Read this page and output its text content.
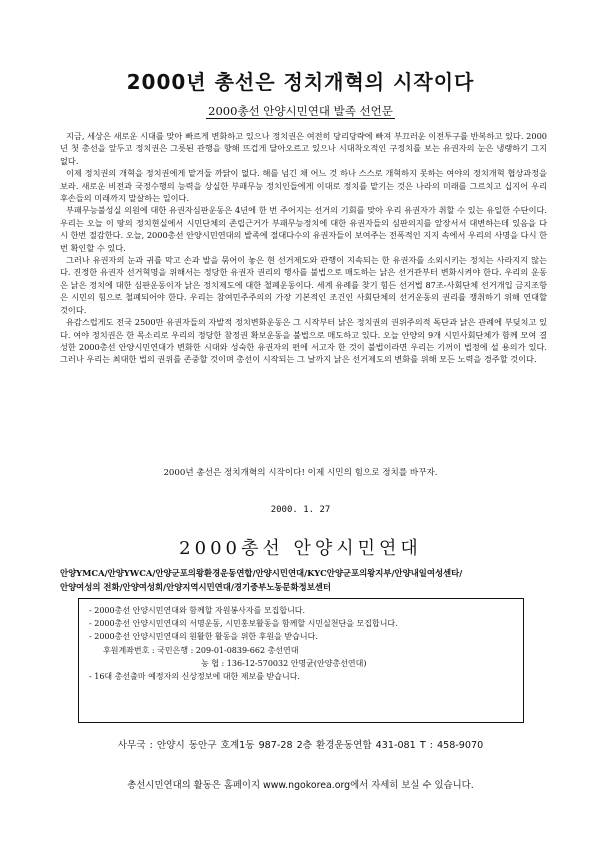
2000년 총선은 정치개혁의 시작이다
2000총선 안양시민연대 발족 선언문

지금, 세상은 새로운 시대를 맞아 빠르게 변화하고 있으나 정치권은 여전히 당리당략에 빠져 부끄러운 이전투구를 반복하고 있다. 2000년 첫 총선을 앞두고 정치권은 그릇된 관행을 향해 뜨겁게 달아오르고 있으나 시대착오적인 구정치를 보는 유권자의 눈은 냉랭하기 그지없다.

이제 정치권의 개혁을 정치권에게 맡겨둘 까닭이 없다. 해를 넘긴 채 어느 것 하나 스스로 개혁하지 못하는 여야의 정치개혁 협상과정을 보라. 새로운 비전과 국정수행의 능력을 상실한 부패무능 정치인들에게 이대로 정치를 맡기는 것은 나라의 미래를 그르치고 십지어 우리 후손들의 미래까지 말살하는 일이다.

부패무능불성실 의원에 대한 유권자심판운동은 4년에 한 번 주어지는 선거의 기회를 맞아 우리 유권자가 취할 수 있는 유일한 수단이다. 우리는 오늘 이 땅의 정치현실에서 시민단체의 존립근거가 부패무능정치에 대한 유권자들의 심판의지를 앞장서서 대변하는데 있음을 다시 한번 절감한다. 오늘, 2000총선 안양시민연대의 발족에 절대다수의 유권자들이 보여주는 전폭적인 지지 속에서 우리의 사명을 다시 한 번 확인할 수 있다.

그러나 유권자의 눈과 귀를 막고 손과 발을 묶어이 놓은 현 선거제도와 관행이 지속되는 한 유권자를 소외시키는 정치는 사라지지 않는다. 진정한 유권자 선거혁명을 위해서는 정당한 유권자 권리의 행사를 불법으로 매도하는 낡은 선거관부터 변화시켜야 한다. 우리의 운동은 낡은 정치에 대한 심판운동이자 낡은 정치제도에 대한 철폐운동이다. 세계 유례를 찾기 힘든 선거법 87조-사회단체 선거개입 금지조항은 시민의 힘으로 철폐되어야 한다. 우리는 참여민주주의의 가장 기본적인 조건인 사회단체의 선거운동의 권리를 쟁취하기 위해 연대할 것이다.

유감스럽게도 전국 2500만 유권자들의 자발적 정치변화운동은 그 시작부터 낡은 정치권의 권위주의적 독단과 낡은 관례에 부딪치고 있다. 여야 정치권은 한 목소리로 우리의 정당한 참정권 확보운동을 불법으로 매도하고 있다. 오늘 안양의 9개 시민사회단체가 함께 모여 결성한 2000총선 안양시민연대가 변화한 시대와 성숙한 유권자의 편에 서고자 한 것이 불법이라면 우리는 기꺼이 법정에 설 용의가 있다. 그러나 우리는 최대한 법의 권위를 존중할 것이며 총선이 시작되는 그 날까지 낡은 선거제도의 변화를 위해 모든 노력을 경주할 것이다.

2000년 총선은 정치개혁의 시작이다! 이제 시민의 힘으로 정치를 바꾸자.
2000. 1. 27
2000총선 안양시민연대
안양YMCA/안양YWCA/안양군포의왕환경운동연합/안양시민연대/KYC안양군포의왕지부/안양내일여성센타/
안양여성의 전화/안양여성회/안양지역시민연대/경기중부노동문화정보센터
- 2000총선 안양시민연대와 함께할 자원봉사자를 모집합니다.
- 2000총선 안양시민연대의 서명운동, 시민홍보활동을 함께할 시민실천단을 모집합니다.
- 2000총선 안양시민연대의 원활한 활동을 위한 후원을 받습니다.
후원계좌번호 : 국민은행 : 209-01-0839-662 총선연대
농 협 : 136-12-570032 안명균(안양총선연대)
- 16대 총선출마 예정자의 신상정보에 대한 제보를 받습니다.
사무국 : 안양시 동안구 호계1동 987-28 2층 환경운동연합 431-081 T : 458-9070
총선시민연대의 활동은 홈페이지 www.ngokorea.org에서 자세히 보실 수 있습니다.
